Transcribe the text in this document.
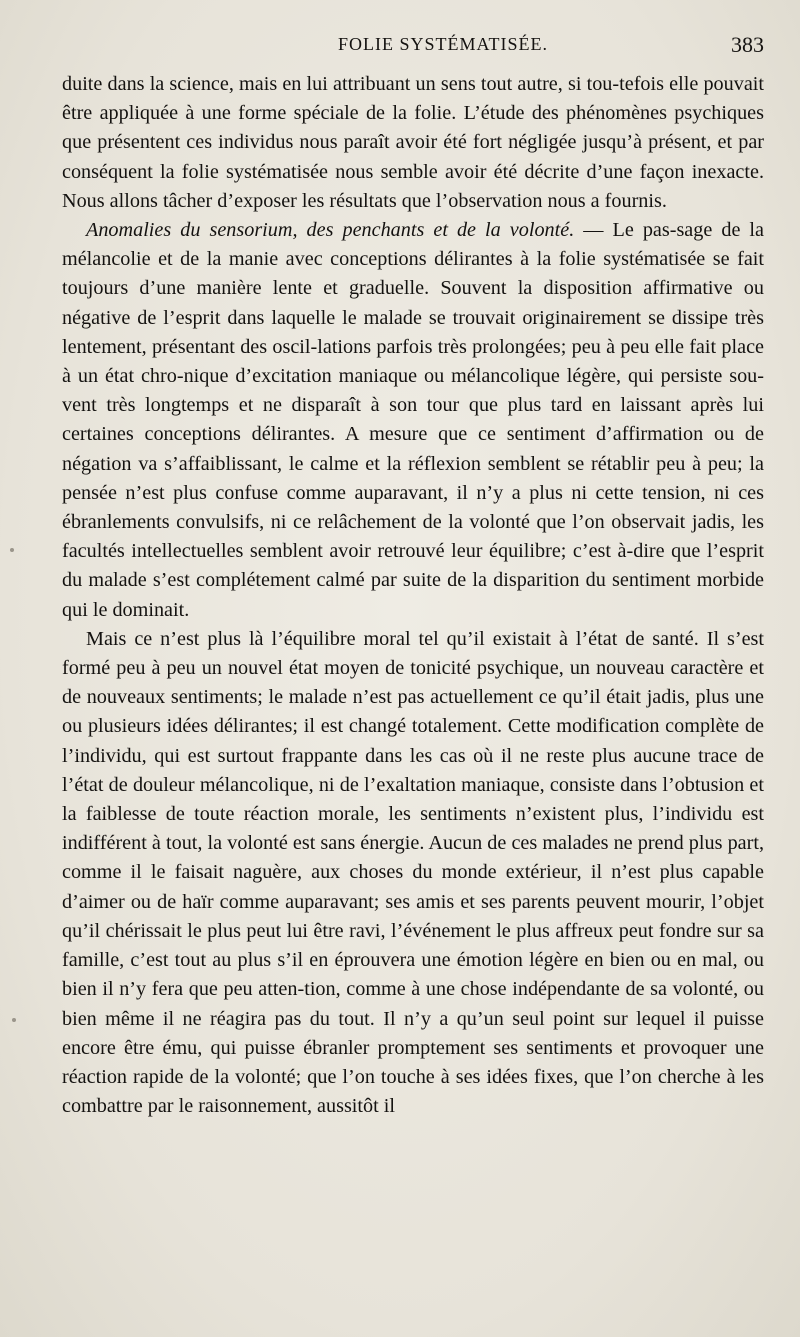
FOLIE SYSTÉMATISÉE.	383

duite dans la science, mais en lui attribuant un sens tout autre, si tou-tefois elle pouvait être appliquée à une forme spéciale de la folie. L’étude des phénomènes psychiques que présentent ces individus nous paraît avoir été fort négligée jusqu’à présent, et par conséquent la folie systématisée nous semble avoir été décrite d’une façon inexacte. Nous allons tâcher d’exposer les résultats que l’observation nous a fournis.

Anomalies du sensorium, des penchants et de la volonté. — Le pas-sage de la mélancolie et de la manie avec conceptions délirantes à la folie systématisée se fait toujours d’une manière lente et graduelle. Souvent la disposition affirmative ou négative de l’esprit dans laquelle le malade se trouvait originairement se dissipe très lentement, présentant des oscil-lations parfois très prolongées; peu à peu elle fait place à un état chro-nique d’excitation maniaque ou mélancolique légère, qui persiste sou-vent très longtemps et ne disparaît à son tour que plus tard en laissant après lui certaines conceptions délirantes. A mesure que ce sentiment d’affirmation ou de négation va s’affaiblissant, le calme et la réflexion semblent se rétablir peu à peu; la pensée n’est plus confuse comme auparavant, il n’y a plus ni cette tension, ni ces ébranlements convulsifs, ni ce relâchement de la volonté que l’on observait jadis, les facultés intellectuelles semblent avoir retrouvé leur équilibre; c’est à-dire que l’esprit du malade s’est complétement calmé par suite de la disparition du sentiment morbide qui le dominait.

Mais ce n’est plus là l’équilibre moral tel qu’il existait à l’état de santé. Il s’est formé peu à peu un nouvel état moyen de tonicité psychique, un nouveau caractère et de nouveaux sentiments; le malade n’est pas actuellement ce qu’il était jadis, plus une ou plusieurs idées délirantes; il est changé totalement. Cette modification complète de l’individu, qui est surtout frappante dans les cas où il ne reste plus aucune trace de l’état de douleur mélancolique, ni de l’exaltation maniaque, consiste dans l’obtusion et la faiblesse de toute réaction morale, les sentiments n’existent plus, l’individu est indifférent à tout, la volonté est sans énergie. Aucun de ces malades ne prend plus part, comme il le faisait naguère, aux choses du monde extérieur, il n’est plus capable d’aimer ou de haïr comme auparavant; ses amis et ses parents peuvent mourir, l’objet qu’il chérissait le plus peut lui être ravi, l’événement le plus affreux peut fondre sur sa famille, c’est tout au plus s’il en éprouvera une émotion légère en bien ou en mal, ou bien il n’y fera que peu atten-tion, comme à une chose indépendante de sa volonté, ou bien même il ne réagira pas du tout. Il n’y a qu’un seul point sur lequel il puisse encore être ému, qui puisse ébranler promptement ses sentiments et provoquer une réaction rapide de la volonté; que l’on touche à ses idées fixes, que l’on cherche à les combattre par le raisonnement, aussitôt il
